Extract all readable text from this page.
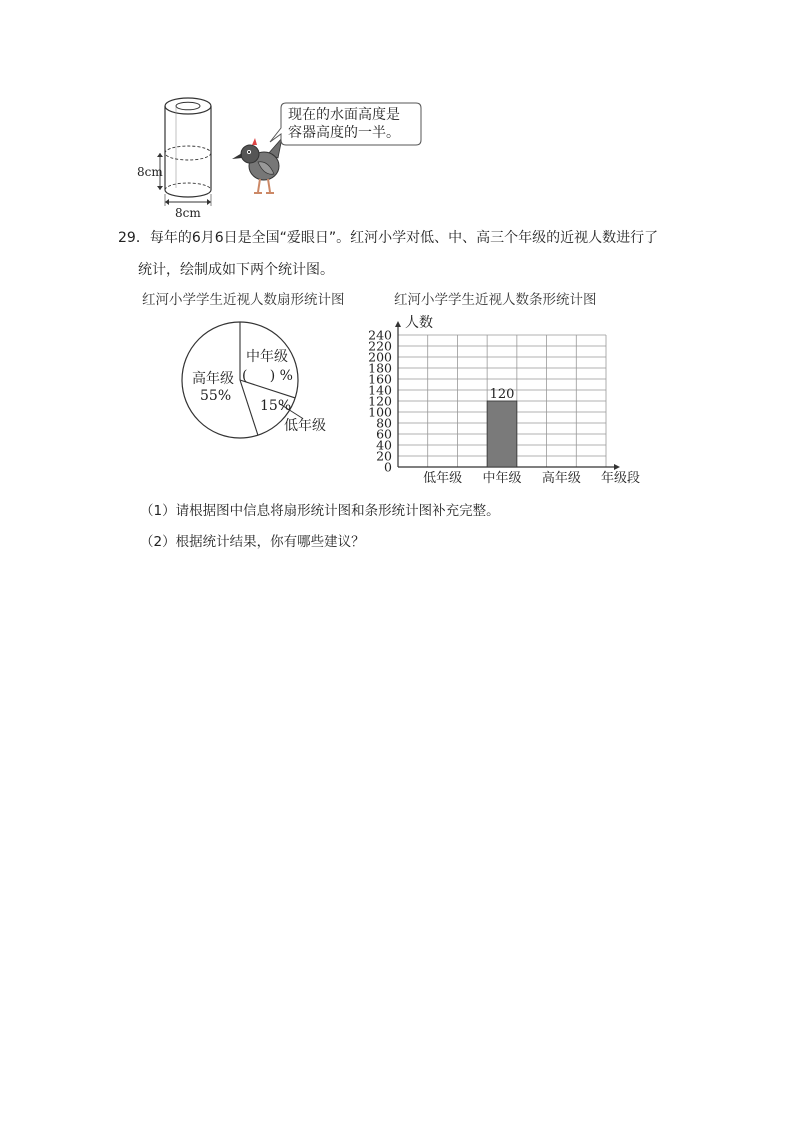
8cm
8cm
现在的水面高度是
容器高度的一半。
29．每年的6月6日是全国“爱眼日”。红河小学对低、中、高三个年级的近视人数进行了
统计，绘制成如下两个统计图。
红河小学学生近视人数扇形统计图	红河小学学生近视人数条形统计图
高年级
55%
中年级
(     ) %
15%
低年级
0
20
40
60
80
100
120
140
160
180
200
220
240
120
低年级 中年级 高年级
人数
年级段
（1）请根据图中信息将扇形统计图和条形统计图补充完整。
（2）根据统计结果，你有哪些建议？
